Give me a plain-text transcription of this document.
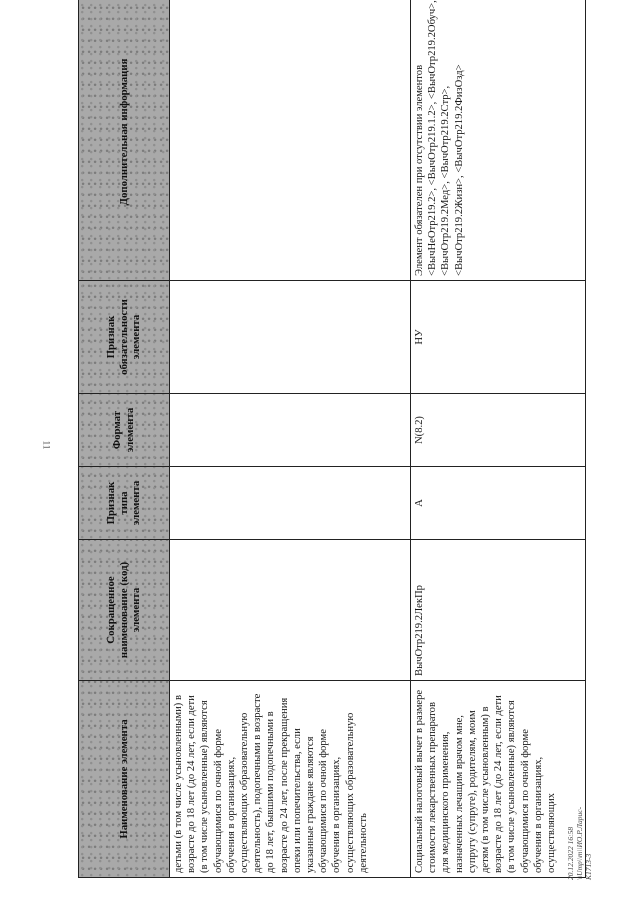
11
Наименование элемента	Сокращенное наименование (код) элемента	Признак типа элемента	Формат элемента	Признак обязательности элемента	Дополнительная информация
детьми (в том числе усыновленными) в возрасте до 18 лет (до 24 лет, если дети (в том числе усыновленные) являются обучающимися по очной форме обучения в организациях, осуществляющих образовательную деятельность), подопечными в возрасте до 18 лет, бывшими подопечными в возрасте до 24 лет, после прекращения опеки или попечительства, если указанные граждане являются обучающимися по очной форме обучения в организациях, осуществляющих образовательную деятельность					
Социальный налоговый вычет в размере стоимости лекарственных препаратов для медицинского применения, назначенных лечащим врачом мне, супругу (супруге), родителям, моим детям (в том числе усыновленным) в возрасте до 18 лет (до 24 лет, если дети (в том числе усыновленные) являются обучающимися по очной форме обучения в организациях, осуществляющих	ВычОтр219.2ЛекПр	А	N(8.2)	НУ	Элемент обязателен при отсутствии элементов <ВычНеОтр219.2>, <ВычОтр219.1.2>, <ВычОтр219.2Обуч>, <ВычОтр219.2Мед>, <ВычОтр219.2Стр>, <ВычОтр219.2Жизн>, <ВычОтр219.2ФизОзд>
20.12.2022 16:58 \\Ump\\m\\ИО.Р.Ларис-К1713-3
